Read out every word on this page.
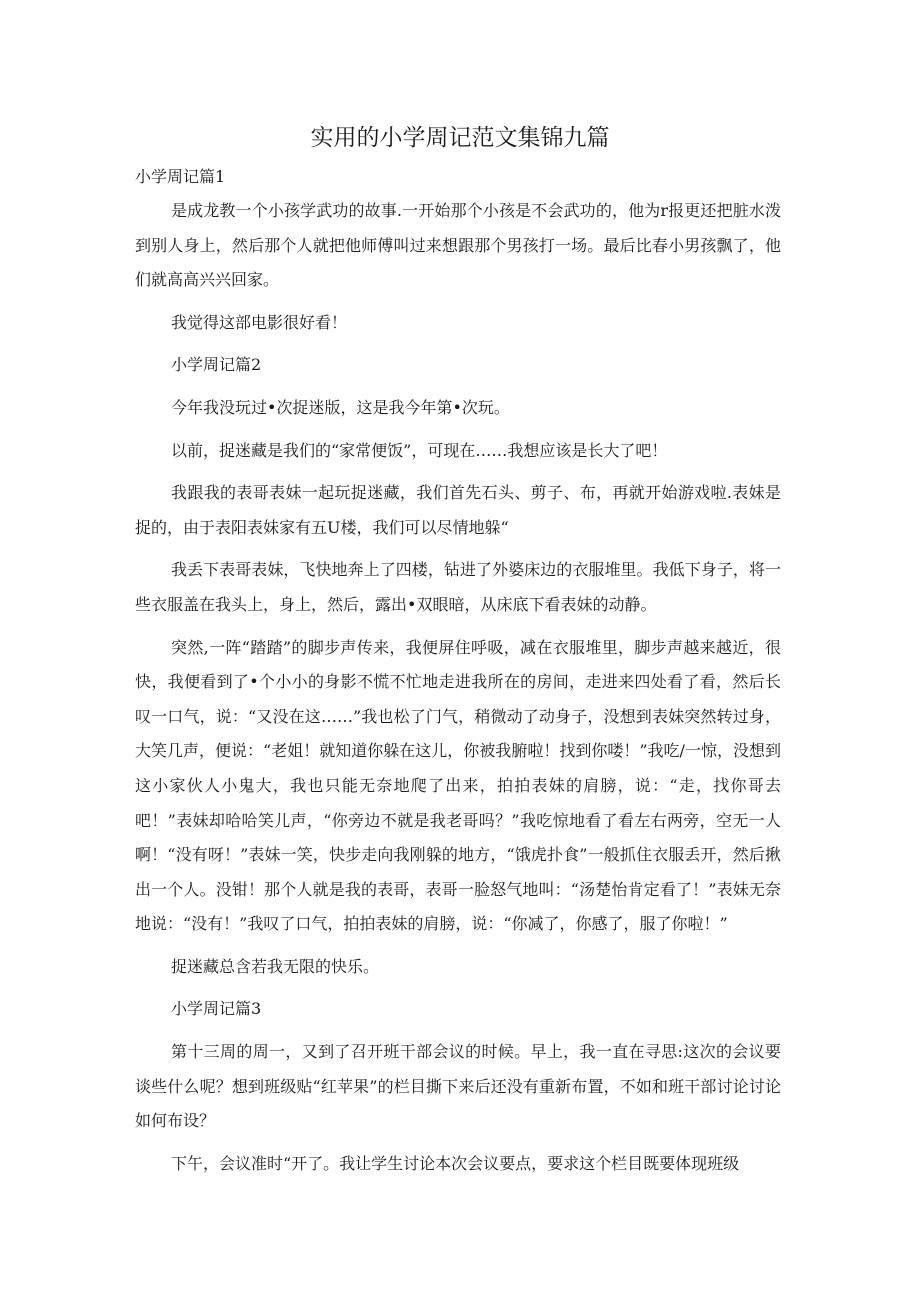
实用的小学周记范文集锦九篇

小学周记篇1

是成龙教一个小孩学武功的故事.一开始那个小孩是不会武功的，他为r报更还把脏水泼到别人身上，然后那个人就把他师傅叫过来想跟那个男孩打一场。最后比春小男孩飘了，他们就高高兴兴回家。

我觉得这部电影很好看！

小学周记篇2

今年我没玩过•次捉迷版，这是我今年第•次玩。

以前，捉迷藏是我们的“家常便饭”，可现在……我想应该是长大了吧！

我跟我的表哥表妹一起玩捉迷藏，我们首先石头、剪子、布，再就开始游戏啦.表妹是捉的，由于表阳表妹家有五U楼，我们可以尽情地躲“

我丢下表哥表妹，飞快地奔上了四楼，钻进了外婆床边的衣服堆里。我低下身子，将一些衣服盖在我头上，身上，然后，露出•双眼暗，从床底下看表妹的动静。

突然,一阵“踏踏”的脚步声传来，我便屏住呼吸，减在衣服堆里，脚步声越来越近，很快，我便看到了•个小小的身影不慌不忙地走进我所在的房间，走进来四处看了看，然后长叹一口气，说：“又没在这……”我也松了门气，稍微动了动身子，没想到表妹突然转过身，大笑几声，便说：“老姐！就知道你躲在这儿，你被我腑啦！找到你喽！”我吃/一惊，没想到这小家伙人小鬼大，我也只能无奈地爬了出来，拍拍表妹的肩膀，说：“走，找你哥去吧！”表妹却哈哈笑儿声，“你旁边不就是我老哥吗？”我吃惊地看了看左右两旁，空无一人啊！“没有呀！”表妹一笑，快步走向我刚躲的地方，“饿虎扑食”一般抓住衣服丢开，然后揪出一个人。没钳！那个人就是我的表哥，表哥一脸怒气地叫：“汤楚怡肯定看了！”表妹无奈地说：“没有！”我叹了口气，拍拍表妹的肩膀，说：“你减了，你感了，服了你啦！”

捉迷藏总含若我无限的快乐。

小学周记篇3

第十三周的周一，又到了召开班干部会议的时候。早上，我一直在寻思:这次的会议要谈些什么呢？想到班级贴“红苹果”的栏目撕下来后还没有重新布置，不如和班干部讨论讨论如何布设？

下午，会议准时“开了。我让学生讨论本次会议要点，要求这个栏目既要体现班级
